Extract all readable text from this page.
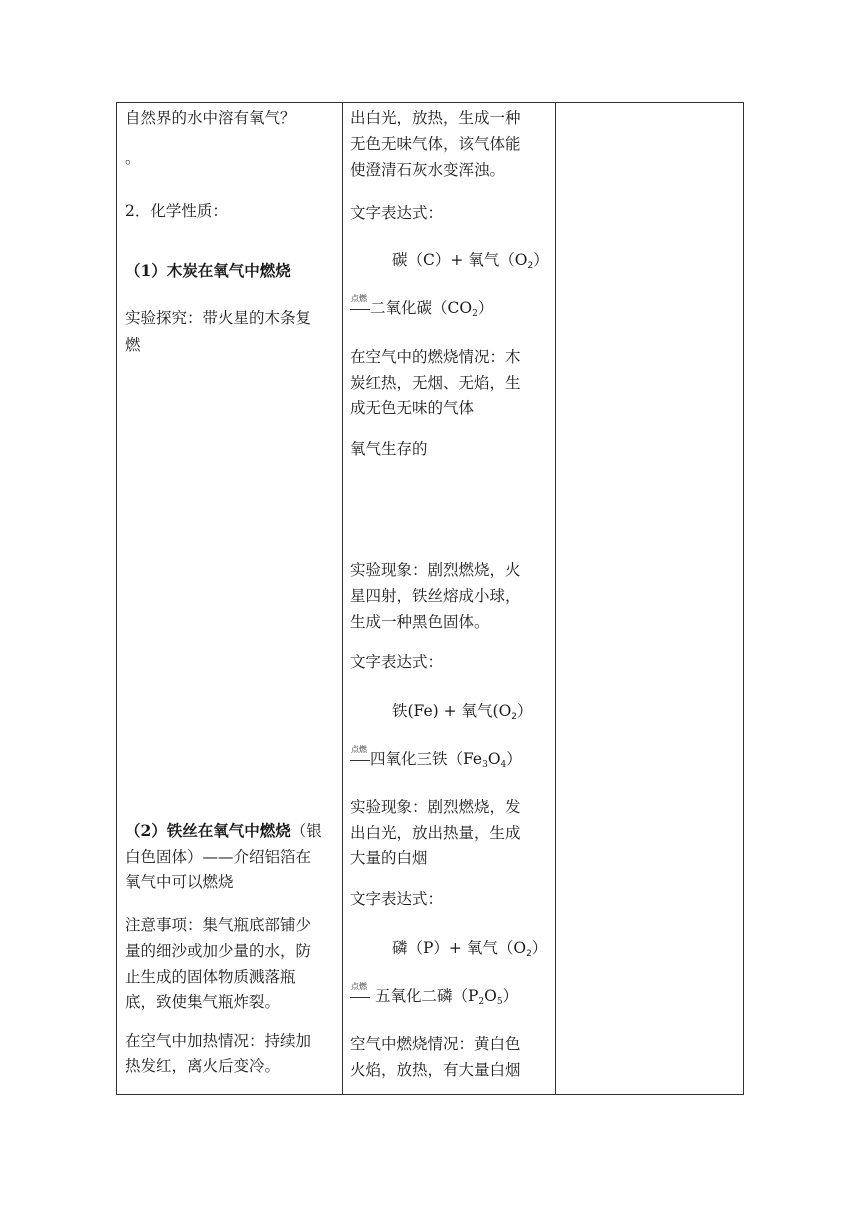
自然界的水中溶有氧气？

。

2．化学性质：

（1）木炭在氧气中燃烧

实验探究：带火星的木条复

燃

（2）铁丝在氧气中燃烧（银

白色固体）——介绍铝箔在

氧气中可以燃烧

注意事项：集气瓶底部铺少

量的细沙或加少量的水，防

止生成的固体物质溅落瓶

底，致使集气瓶炸裂。

在空气中加热情况：持续加

热发红，离火后变冷。

出白光，放热，生成一种

无色无味气体，该气体能

使澄清石灰水变浑浊。

文字表达式：

碳（C）+ 氧气$(O_2)$

点燃
二氧化碳$(CO_2)$

在空气中的燃烧情况：木

炭红热，无烟、无焰，生

成无色无味的气体

氧气生存的

实验现象：剧烈燃烧，火

星四射，铁丝熔成小球，

生成一种黑色固体。

文字表达式：

铁(Fe) + 氧气$(O_2)$

点燃
四氧化三铁$(Fe_3O_4)$

实验现象：剧烈燃烧，发

出白光，放出热量，生成

大量的白烟

文字表达式：

磷（P）+ 氧气$(O_2)$

点燃
五氧化二磷$(P_2O_5)$

空气中燃烧情况：黄白色

火焰，放热，有大量白烟
